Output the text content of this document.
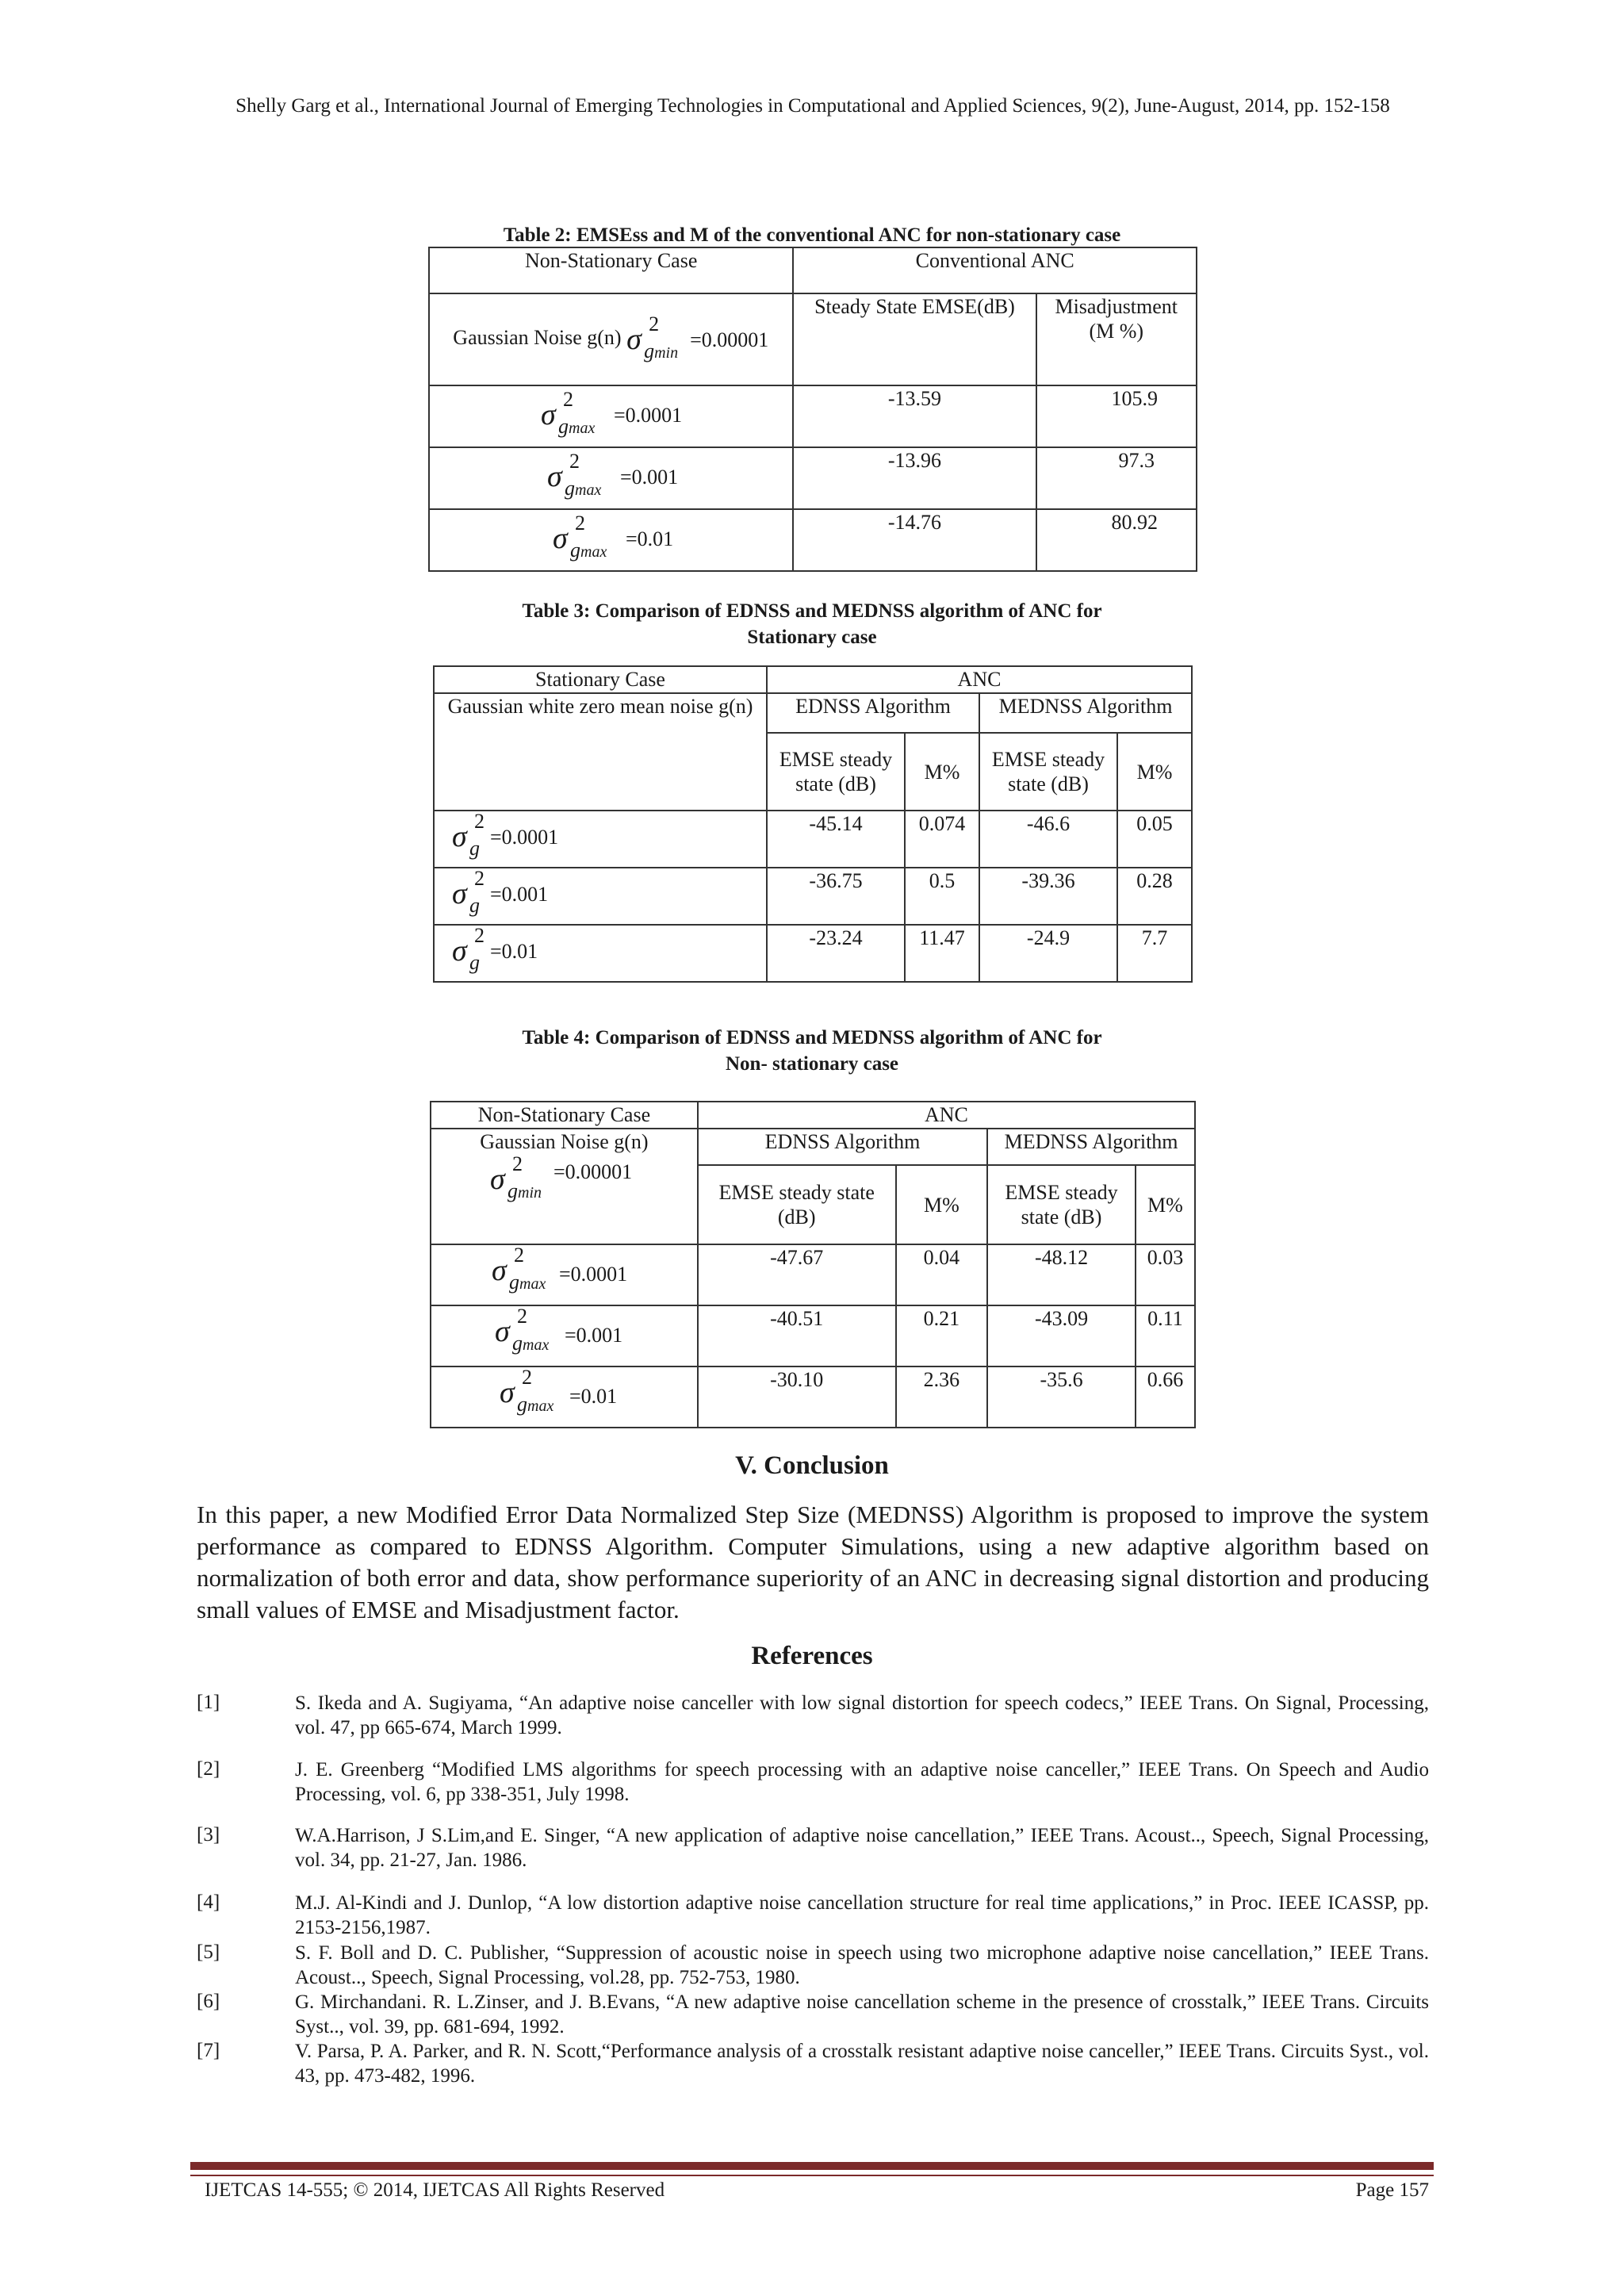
Shelly Garg et al., International Journal of Emerging Technologies in Computational and Applied Sciences, 9(2), June-August, 2014, pp. 152-158
Table 2: EMSEss and M of the conventional ANC for non-stationary case
Non-Stationary Case	Conventional ANC	
Gaussian Noise g(n) σ 2
gmin
=0.00001	Steady State EMSE(dB)	Misadjustment (M %)

σ 2
gmax
=0.0001	-13.59	105.9

σ 2
gmax
=0.001	-13.96	97.3

σ 2
gmax
=0.01	-14.76	80.92
Table 3: Comparison of EDNSS and MEDNSS algorithm of ANC for
Stationary case
Stationary Case	ANC			
Gaussian white zero mean noise g(n)	EDNSS Algorithm		MEDNSS Algorithm	
	EMSE steady state (dB)	M%	EMSE steady state (dB)	M%

σ 2
g =0.0001	-45.14	0.074	-46.6	0.05

σ 2
g =0.001	-36.75	0.5	-39.36	0.28

σ 2
g =0.01	-23.24	11.47	-24.9	7.7
Table 4: Comparison of EDNSS and MEDNSS algorithm of ANC for
Non- stationary case
Non-Stationary Case	ANC			

Gaussian Noise g(n)
σ 2
gmin
=0.00001	EDNSS Algorithm		MEDNSS Algorithm	
	EMSE steady state (dB)	M%	EMSE steady state (dB)	M%

σ 2
gmax =0.0001	-47.67	0.04	-48.12	0.03

σ 2
gmax =0.001	-40.51	0.21	-43.09	0.11

σ 2
gmax =0.01	-30.10	2.36	-35.6	0.66
V. Conclusion
In this paper, a new Modified Error Data Normalized Step Size (MEDNSS) Algorithm is proposed to improve the system performance as compared to EDNSS Algorithm. Computer Simulations, using a new adaptive algorithm based on normalization of both error and data, show performance superiority of an ANC in decreasing signal distortion and producing small values of EMSE and Misadjustment factor.
References
[1]	S. Ikeda and A. Sugiyama, “An adaptive noise canceller with low signal distortion for speech codecs,” IEEE Trans. On Signal, Processing, vol. 47, pp 665-674, March 1999.
[2]	J. E. Greenberg “Modified LMS algorithms for speech processing with an adaptive noise canceller,” IEEE Trans. On Speech and Audio Processing, vol. 6, pp 338-351, July 1998.
[3]	W.A.Harrison, J S.Lim,and E. Singer, “A new application of adaptive noise cancellation,” IEEE Trans. Acoust.., Speech, Signal Processing, vol. 34, pp. 21-27, Jan. 1986.
[4]	M.J. Al-Kindi and J. Dunlop, “A low distortion adaptive noise cancellation structure for real time applications,” in Proc. IEEE ICASSP, pp. 2153-2156,1987.
[5]	S. F. Boll and D. C. Publisher, “Suppression of acoustic noise in speech using two microphone adaptive noise cancellation,” IEEE Trans. Acoust.., Speech, Signal Processing, vol.28, pp. 752-753, 1980.
[6]	G. Mirchandani. R. L.Zinser, and J. B.Evans, “A new adaptive noise cancellation scheme in the presence of crosstalk,” IEEE Trans. Circuits Syst.., vol. 39, pp. 681-694, 1992.
[7]	V. Parsa, P. A. Parker, and R. N. Scott,“Performance analysis of a crosstalk resistant adaptive noise canceller,” IEEE Trans. Circuits Syst., vol. 43, pp. 473-482, 1996.
IJETCAS 14-555; © 2014, IJETCAS All Rights Reserved	Page 157
